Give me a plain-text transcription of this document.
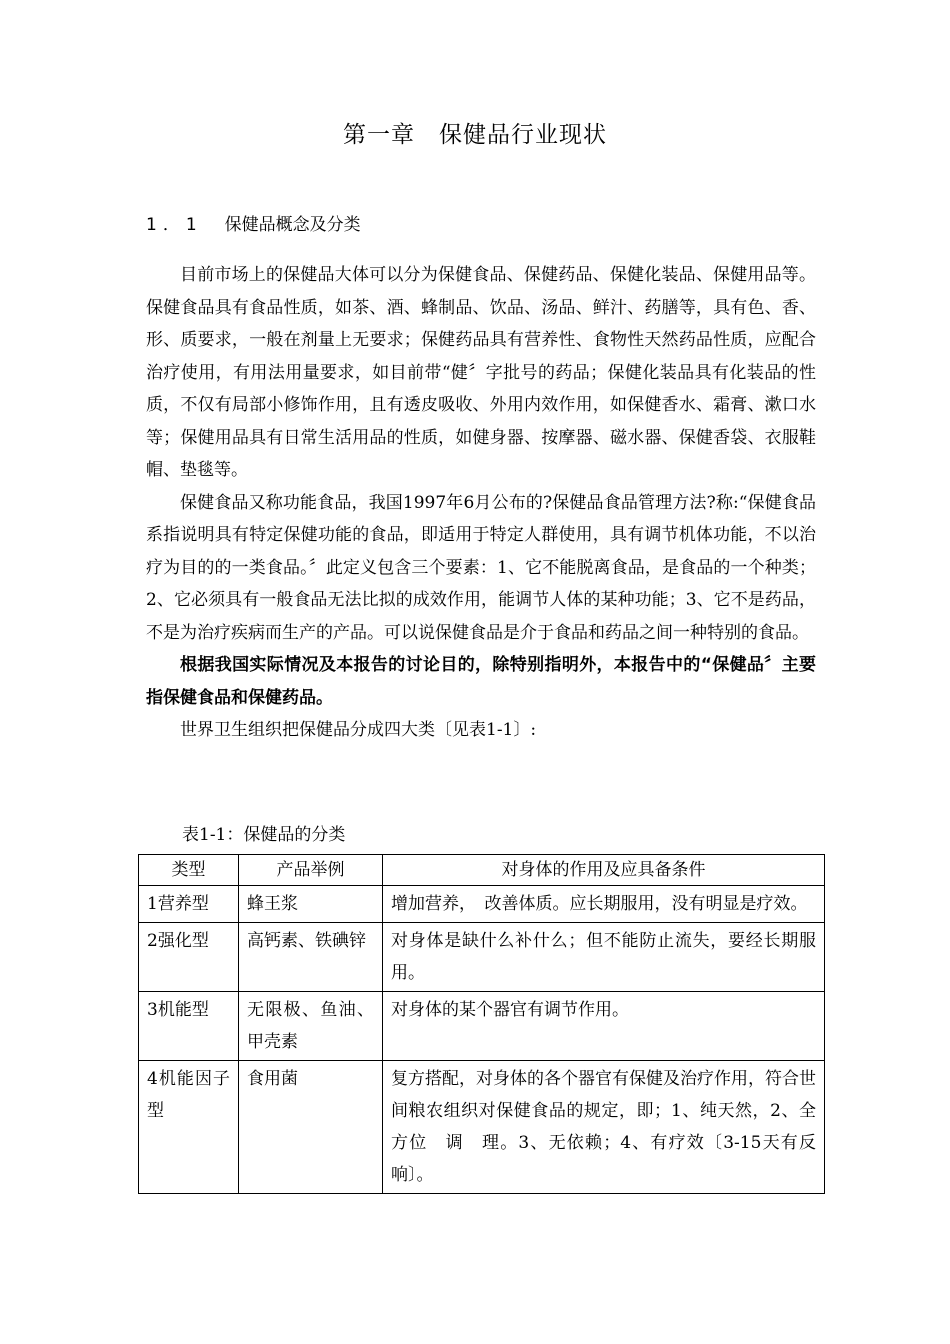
第一章　保健品行业现状
1．1 保健品概念及分类

目前市场上的保健品大体可以分为保健食品、保健药品、保健化装品、保健用品等。保健食品具有食品性质，如茶、酒、蜂制品、饮品、汤品、鲜汁、药膳等，具有色、香、形、质要求，一般在剂量上无要求；保健药品具有营养性、食物性天然药品性质，应配合治疗使用，有用法用量要求，如目前带“健〞字批号的药品；保健化装品具有化装品的性质，不仅有局部小修饰作用，且有透皮吸收、外用内效作用，如保健香水、霜膏、漱口水等；保健用品具有日常生活用品的性质，如健身器、按摩器、磁水器、保健香袋、衣服鞋帽、垫毯等。

保健食品又称功能食品，我国1997年6月公布的?保健品食品管理方法?称:“保健食品系指说明具有特定保健功能的食品，即适用于特定人群使用，具有调节机体功能，不以治疗为目的的一类食品。〞此定义包含三个要素：1、它不能脱离食品，是食品的一个种类；2、它必须具有一般食品无法比拟的成效作用，能调节人体的某种功能；3、它不是药品，不是为治疗疾病而生产的产品。可以说保健食品是介于食品和药品之间一种特别的食品。

根据我国实际情况及本报告的讨论目的，除特别指明外，本报告中的“保健品〞主要指保健食品和保健药品。

世界卫生组织把保健品分成四大类〔见表1-1〕:

表1-1：保健品的分类
类型	产品举例	对身体的作用及应具备条件
1营养型	蜂王浆	增加营养，　改善体质。应长期服用，没有明显是疗效。
2强化型	高钙素、铁碘锌	对身体是缺什么补什么；但不能防止流失，要经长期服用。
3机能型	无限极、鱼油、甲壳素	对身体的某个器官有调节作用。
4机能因子型	食用菌	复方搭配，对身体的各个器官有保健及治疗作用，符合世间粮农组织对保健食品的规定，即；1、纯天然，2、全方位　调　理。3、无依赖；4、有疗效〔3-15天有反响〕。
